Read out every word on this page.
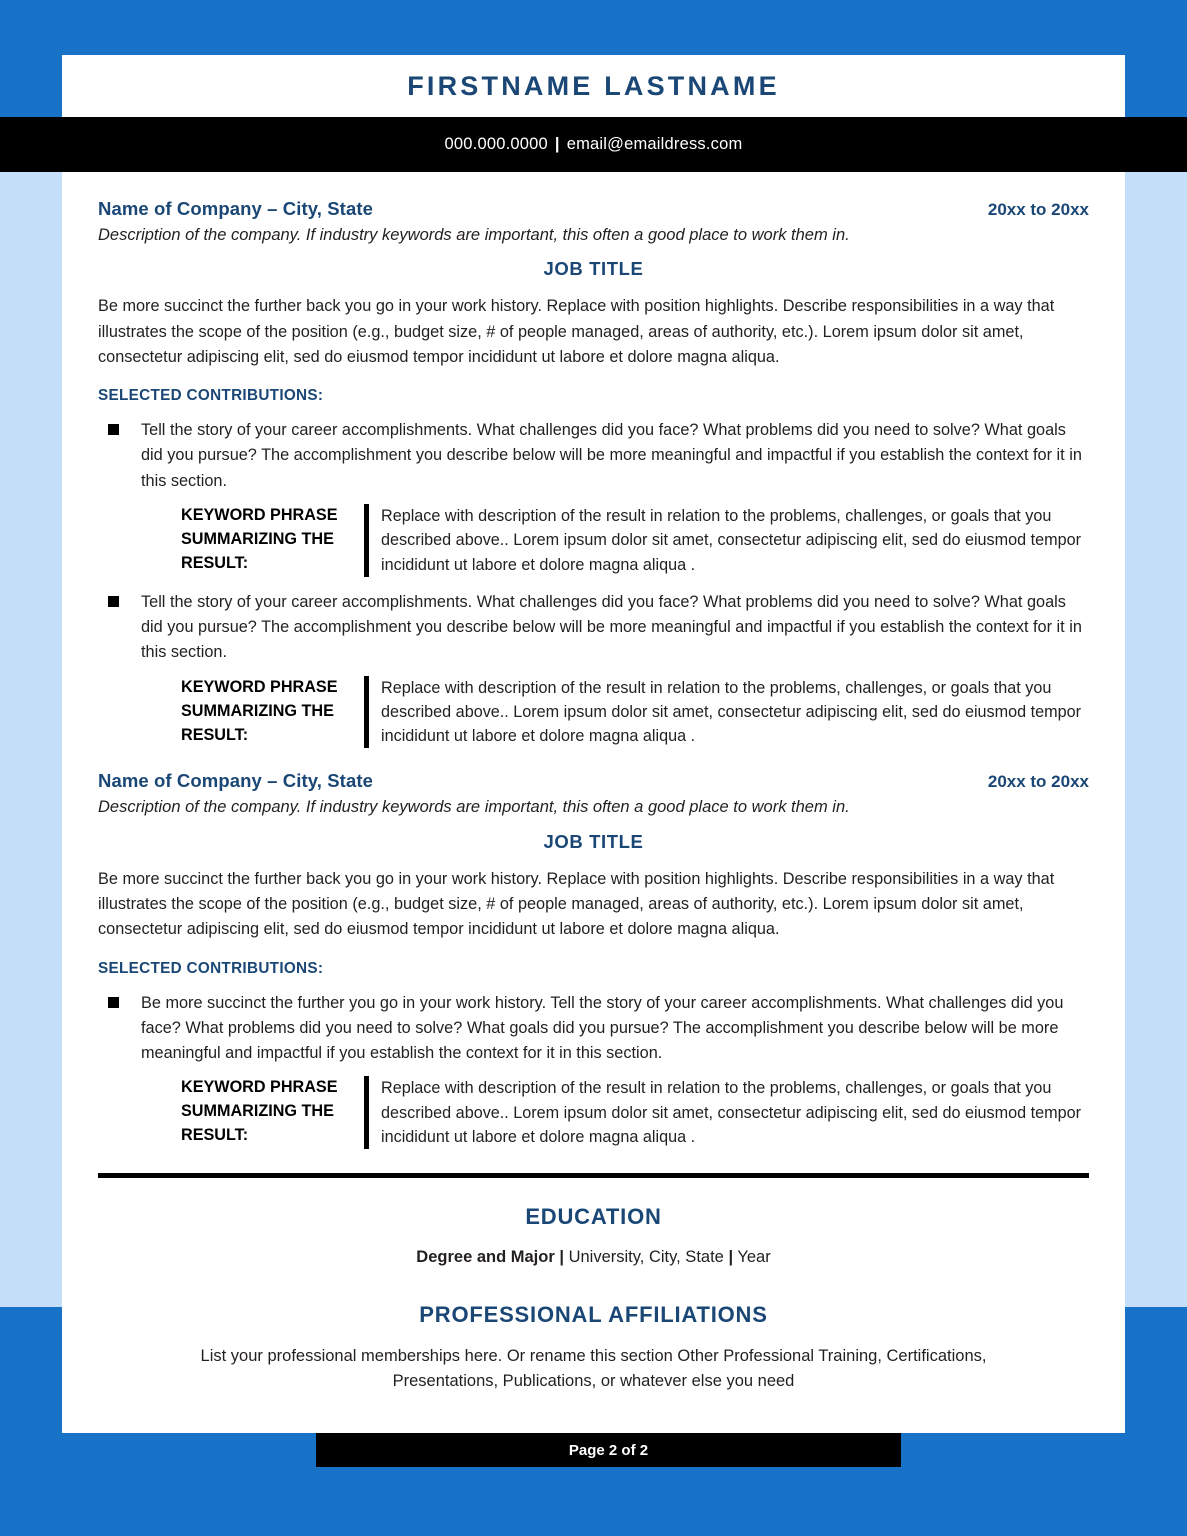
FIRSTNAME LASTNAME
000.000.0000 | email@emaildress.com
Name of Company – City, State	20xx to 20xx
Description of the company. If industry keywords are important, this often a good place to work them in.
JOB TITLE
Be more succinct the further back you go in your work history. Replace with position highlights. Describe responsibilities in a way that illustrates the scope of the position (e.g., budget size, # of people managed, areas of authority, etc.). Lorem ipsum dolor sit amet, consectetur adipiscing elit, sed do eiusmod tempor incididunt ut labore et dolore magna aliqua.
SELECTED CONTRIBUTIONS:
Tell the story of your career accomplishments. What challenges did you face? What problems did you need to solve? What goals did you pursue? The accomplishment you describe below will be more meaningful and impactful if you establish the context for it in this section.
KEYWORD PHRASE SUMMARIZING THE RESULT:
Replace with description of the result in relation to the problems, challenges, or goals that you described above.. Lorem ipsum dolor sit amet, consectetur adipiscing elit, sed do eiusmod tempor incididunt ut labore et dolore magna aliqua .
Tell the story of your career accomplishments. What challenges did you face? What problems did you need to solve? What goals did you pursue? The accomplishment you describe below will be more meaningful and impactful if you establish the context for it in this section.
KEYWORD PHRASE SUMMARIZING THE RESULT:
Replace with description of the result in relation to the problems, challenges, or goals that you described above.. Lorem ipsum dolor sit amet, consectetur adipiscing elit, sed do eiusmod tempor incididunt ut labore et dolore magna aliqua .
Name of Company – City, State	20xx to 20xx
Description of the company. If industry keywords are important, this often a good place to work them in.
JOB TITLE
Be more succinct the further back you go in your work history. Replace with position highlights. Describe responsibilities in a way that illustrates the scope of the position (e.g., budget size, # of people managed, areas of authority, etc.). Lorem ipsum dolor sit amet, consectetur adipiscing elit, sed do eiusmod tempor incididunt ut labore et dolore magna aliqua.
SELECTED CONTRIBUTIONS:
Be more succinct the further you go in your work history. Tell the story of your career accomplishments. What challenges did you face? What problems did you need to solve? What goals did you pursue? The accomplishment you describe below will be more meaningful and impactful if you establish the context for it in this section.
KEYWORD PHRASE SUMMARIZING THE RESULT:
Replace with description of the result in relation to the problems, challenges, or goals that you described above.. Lorem ipsum dolor sit amet, consectetur adipiscing elit, sed do eiusmod tempor incididunt ut labore et dolore magna aliqua .
EDUCATION
Degree and Major | University, City, State | Year
PROFESSIONAL AFFILIATIONS
List your professional memberships here. Or rename this section Other Professional Training, Certifications, Presentations, Publications, or whatever else you need
Page 2 of 2
